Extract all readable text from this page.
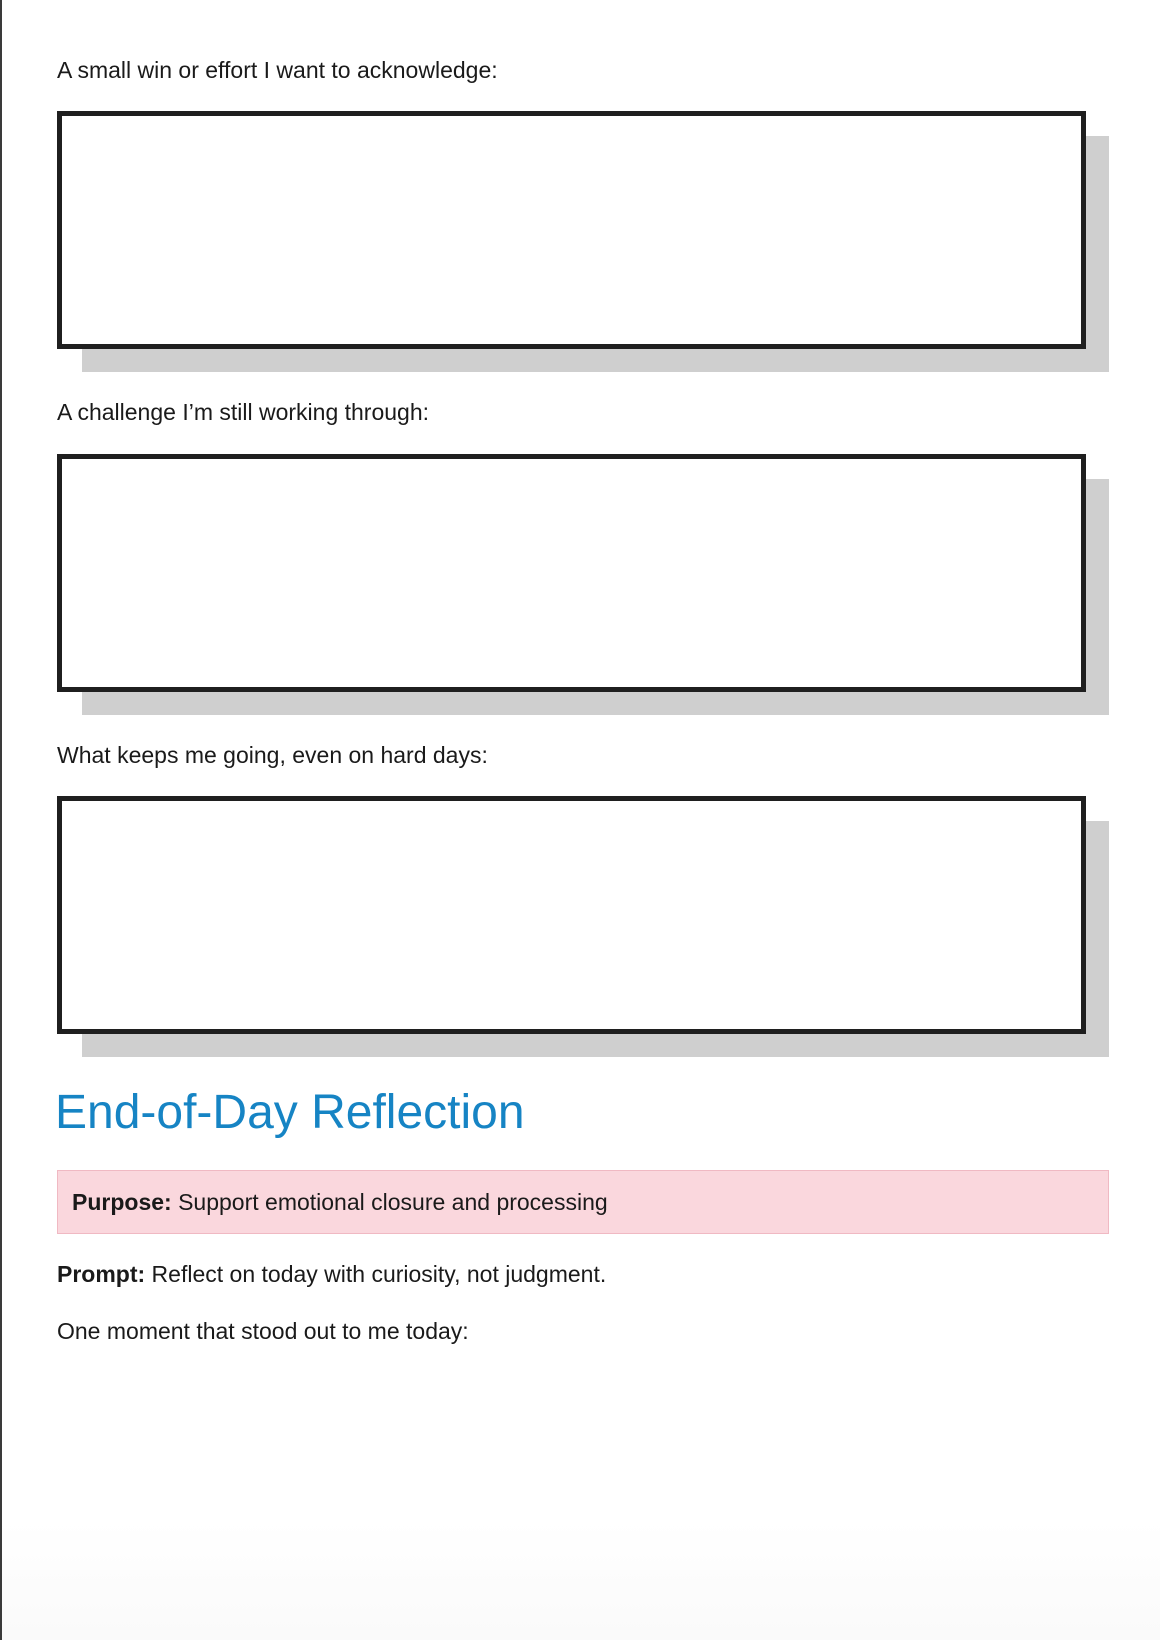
A small win or effort I want to acknowledge:
A challenge I’m still working through:
What keeps me going, even on hard days:
End-of-Day Reflection
Purpose: Support emotional closure and processing
Prompt: Reflect on today with curiosity, not judgment.
One moment that stood out to me today:
